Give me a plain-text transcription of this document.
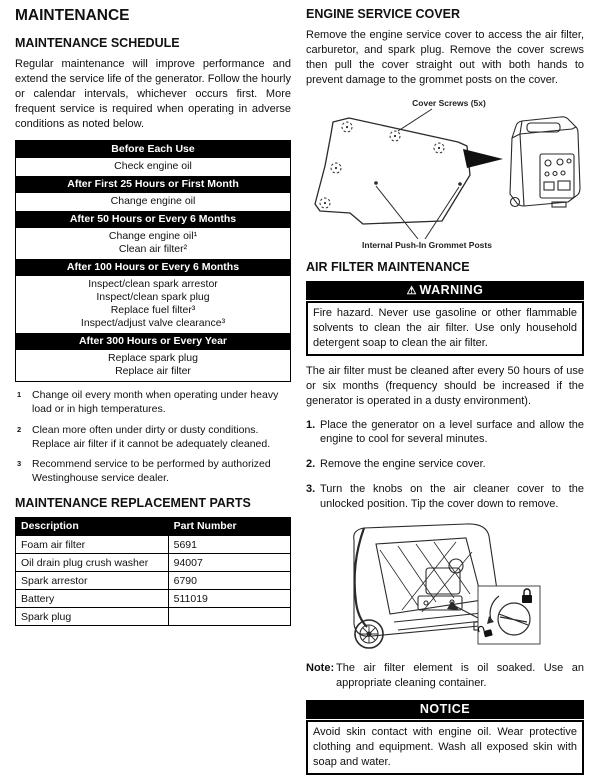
MAINTENANCE
MAINTENANCE SCHEDULE

Regular maintenance will improve performance and extend the service life of the generator. Follow the hourly or calendar intervals, whichever occurs first. More frequent service is required when operating in adverse conditions as noted below.

Before Each Use
Check engine oil
After First 25 Hours or First Month
Change engine oil
After 50 Hours or Every 6 Months
Change engine oil¹
Clean air filter²
After 100 Hours or Every 6 Months
Inspect/clean spark arrestor
Inspect/clean spark plug
Replace fuel filter³
Inspect/adjust valve clearance³
After 300 Hours or Every Year
Replace spark plug
Replace air filter
1	Change oil every month when operating under heavy load or in high temperatures.
2	Clean more often under dirty or dusty conditions. Replace air filter if it cannot be adequately cleaned.
3	Recommend service to be performed by authorized Westinghouse service dealer.
MAINTENANCE REPLACEMENT PARTS
Description	Part Number
Foam air filter	5691
Oil drain plug crush washer	94007
Spark arrestor	6790
Battery	511019
Spark plug	
ENGINE SERVICE COVER

Remove the engine service cover to access the air filter, carburetor, and spark plug. Remove the cover screws then pull the cover straight out with both hands to prevent damage to the grommet posts on the cover.

Cover Screws (5x)
Internal Push-In Grommet Posts
AIR FILTER MAINTENANCE
⚠ WARNING
Fire hazard. Never use gasoline or other flammable solvents to clean the air filter. Use only household detergent soap to clean the air filter.

The air filter must be cleaned after every 50 hours of use or six months (frequency should be increased if the generator is operated in a dusty environment).

1. Place the generator on a level surface and allow the engine to cool for several minutes.
2. Remove the engine service cover.
3. Turn the knobs on the air cleaner cover to the unlocked position. Tip the cover down to remove.
Note: The air filter element is oil soaked. Use an appropriate cleaning container.
NOTICE
Avoid skin contact with engine oil. Wear protective clothing and equipment. Wash all exposed skin with soap and water.
